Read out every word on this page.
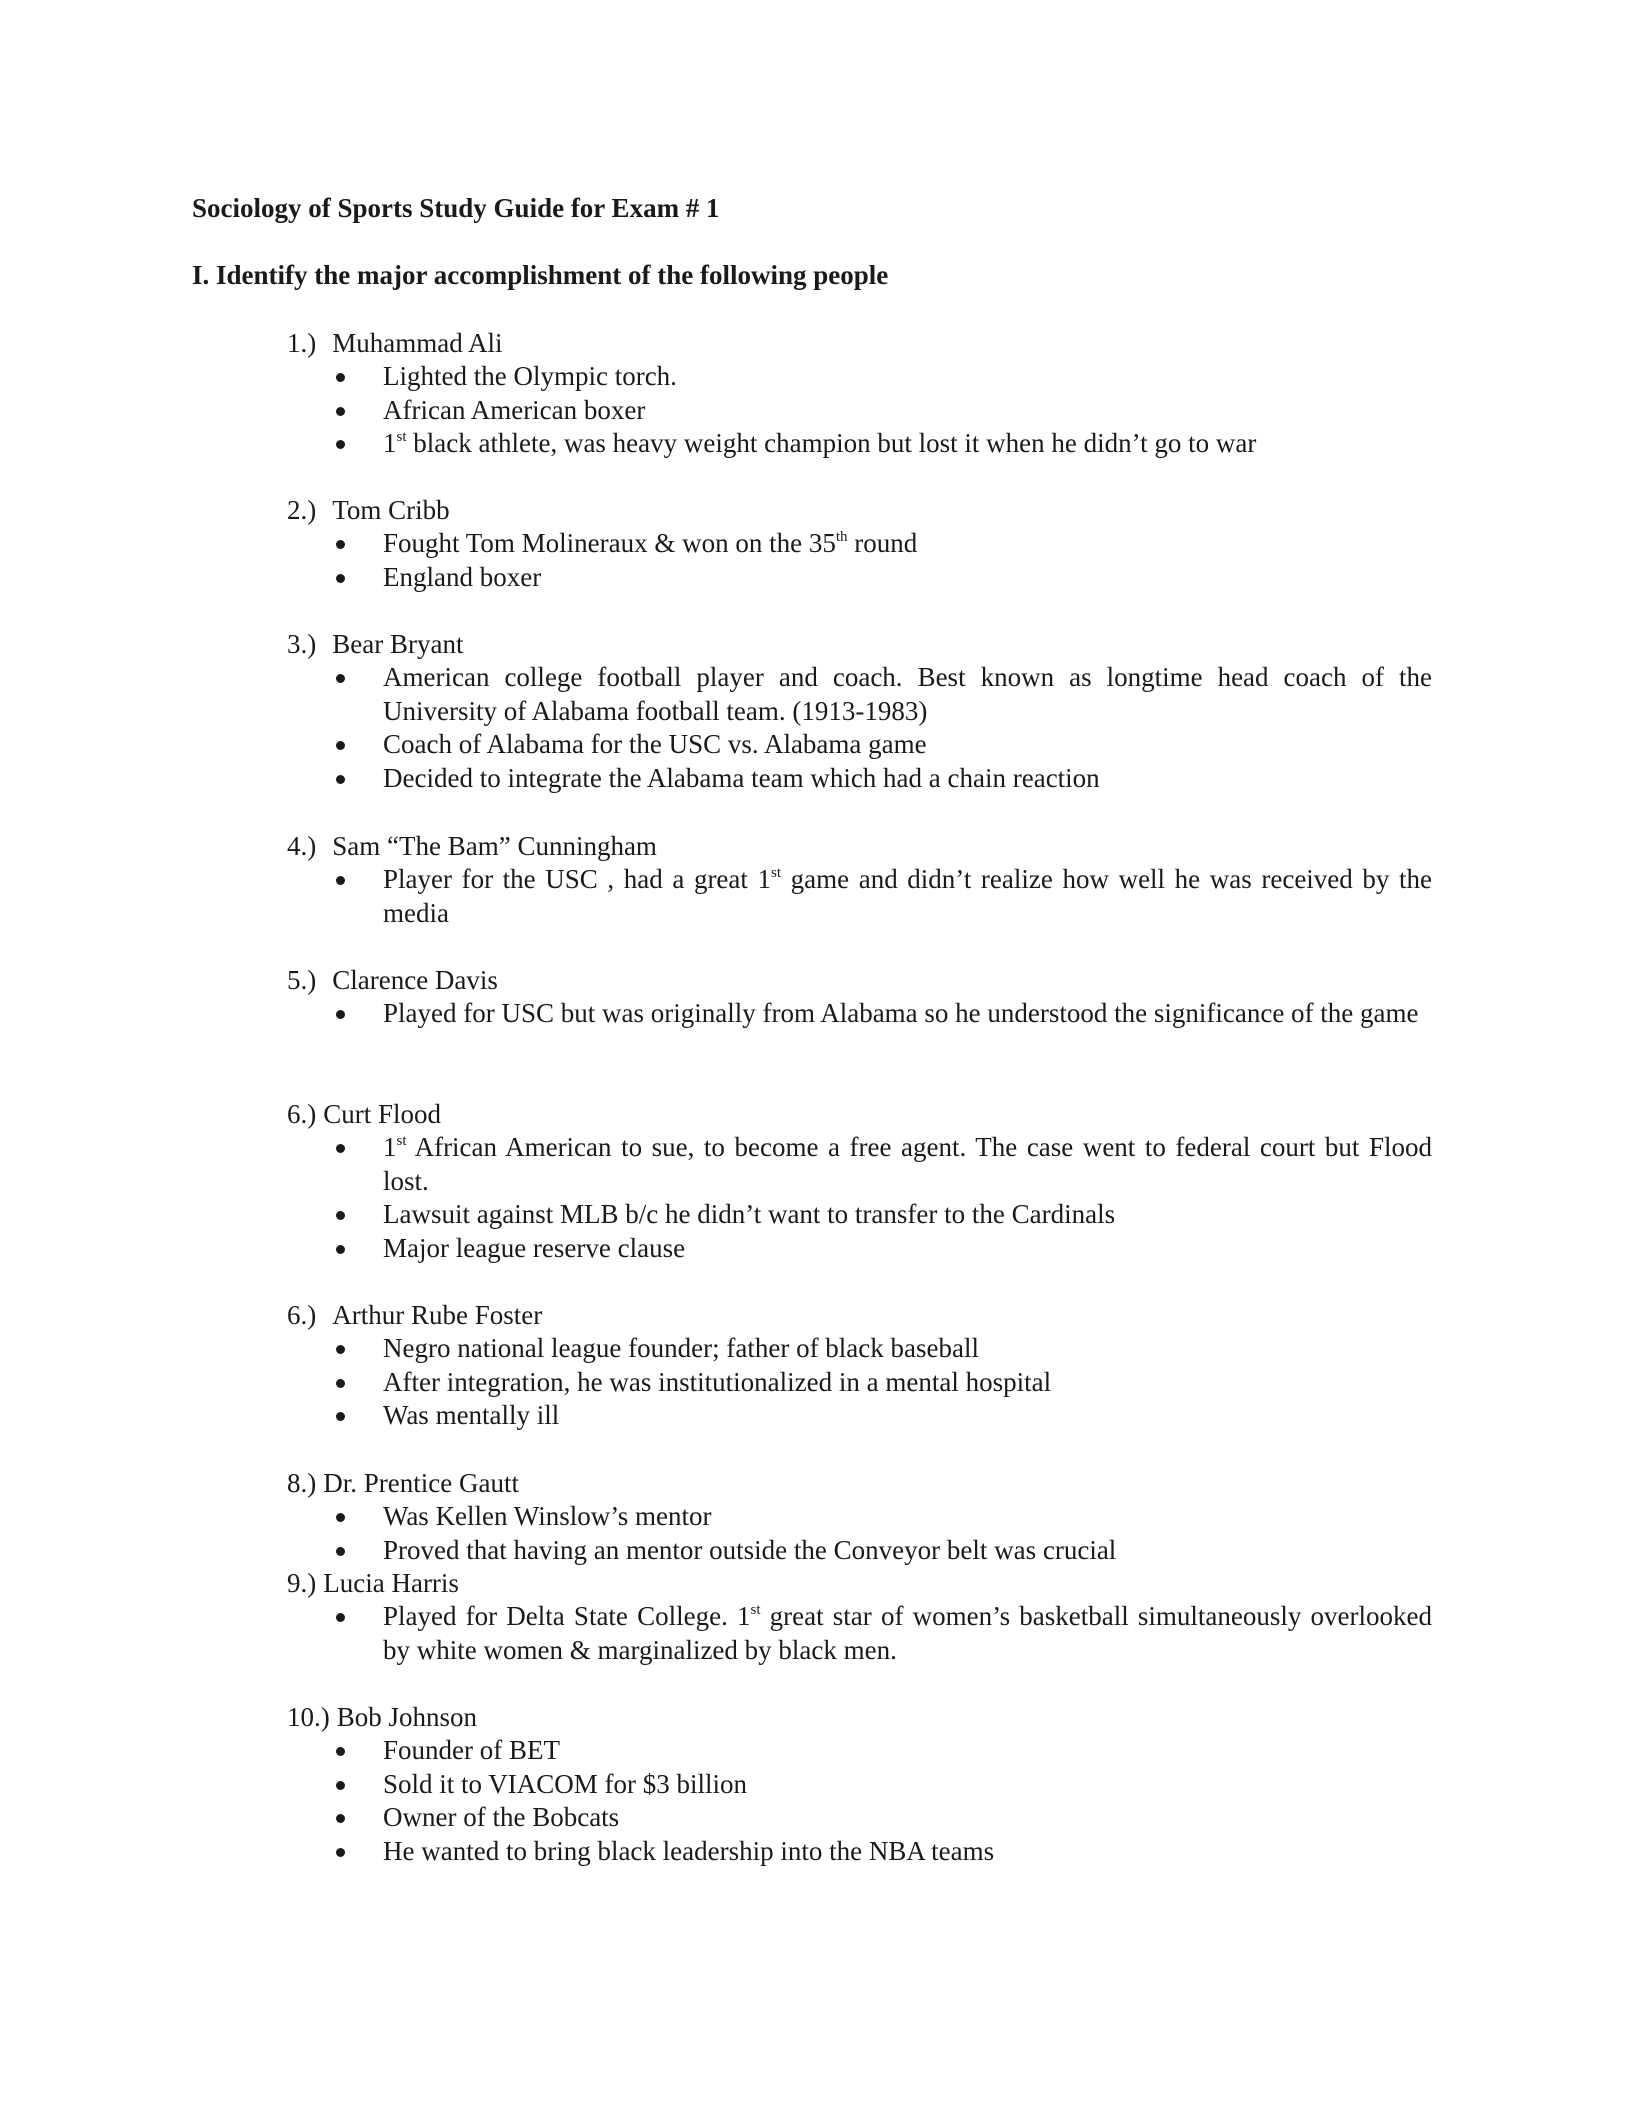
Sociology of Sports Study Guide for Exam # 1
I. Identify the major accomplishment of the following people
1.) Muhammad Ali
Lighted the Olympic torch.
African American boxer
1st black athlete, was heavy weight champion but lost it when he didn’t go to war
2.) Tom Cribb
Fought Tom Molineraux & won on the 35th round
England boxer
3.) Bear Bryant
American college football player and coach. Best known as longtime head coach of the University of Alabama football team. (1913-1983)
Coach of Alabama for the USC vs. Alabama game
Decided to integrate the Alabama team which had a chain reaction
4.) Sam “The Bam” Cunningham
Player for the USC , had a great 1st game and didn’t realize how well he was received by the media
5.) Clarence Davis
Played for USC but was originally from Alabama so he understood the significance of the game
6.) Curt Flood
1st African American to sue, to become a free agent. The case went to federal court but Flood lost.
Lawsuit against MLB b/c he didn’t want to transfer to the Cardinals
Major league reserve clause
6.) Arthur Rube Foster
Negro national league founder; father of black baseball
After integration, he was institutionalized in a mental hospital
Was mentally ill
8.) Dr. Prentice Gautt
Was Kellen Winslow’s mentor
Proved that having an mentor outside the Conveyor belt was crucial
9.) Lucia Harris
Played for Delta State College. 1st great star of women’s basketball simultaneously overlooked by white women & marginalized by black men.
10.) Bob Johnson
Founder of BET
Sold it to VIACOM for $3 billion
Owner of the Bobcats
He wanted to bring black leadership into the NBA teams
